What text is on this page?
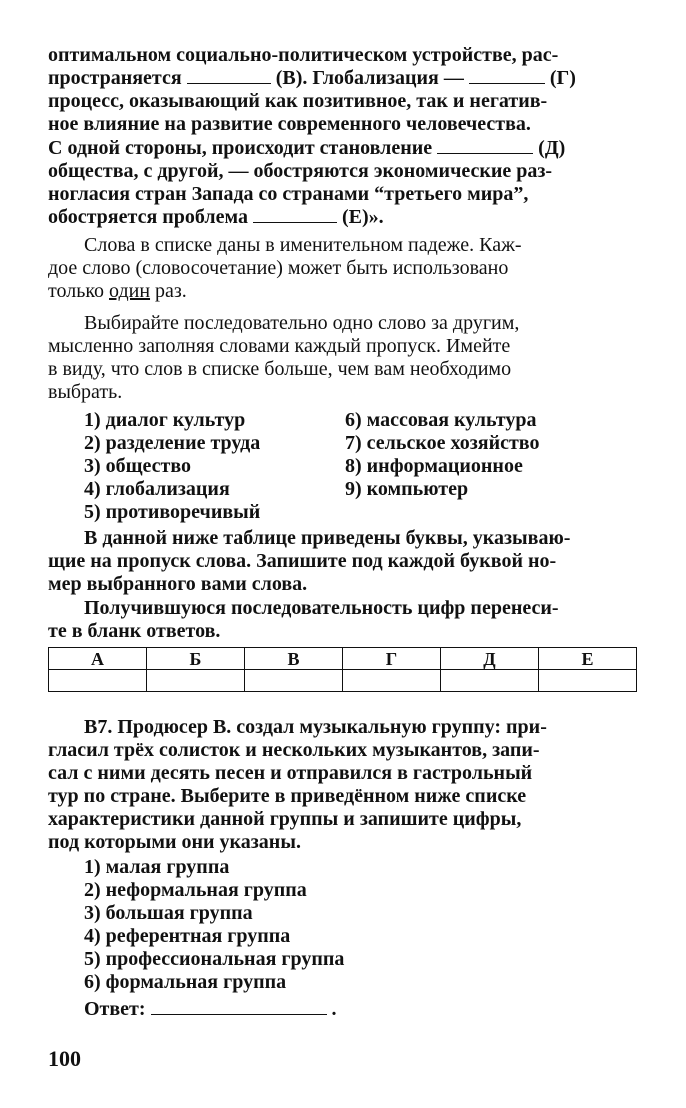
оптимальном социально-политическом устройстве, рас-
пространяется	(В). Глобализация —	(Г)
процесс, оказывающий как позитивное, так и негатив-
ное влияние на развитие современного человечества.
С одной стороны, происходит становление	(Д)
общества, с другой, — обостряются экономические раз-
ногласия стран Запада со странами “третьего мира”,
обостряется проблема	(Е)».
Слова в списке даны в именительном падеже. Каж-
дое слово (словосочетание) может быть использовано
только один раз.
Выбирайте последовательно одно слово за другим,
мысленно заполняя словами каждый пропуск. Имейте
в виду, что слов в списке больше, чем вам необходимо
выбрать.
1) диалог культур
2) разделение труда
3) общество
4) глобализация
5) противоречивый
6) массовая культура
7) сельское хозяйство
8) информационное
9) компьютер
В данной ниже таблице приведены буквы, указываю-
щие на пропуск слова. Запишите под каждой буквой но-
мер выбранного вами слова.
Получившуюся последовательность цифр перенеси-
те в бланк ответов.
А	Б	В	Г	Д	Е

В7. Продюсер В. создал музыкальную группу: при-
гласил трёх солисток и нескольких музыкантов, запи-
сал с ними десять песен и отправился в гастрольный
тур по стране. Выберите в приведённом ниже списке
характеристики данной группы и запишите цифры,
под которыми они указаны.
1) малая группа
2) неформальная группа
3) большая группа
4) референтная группа
5) профессиональная группа
6) формальная группа
Ответ:	.
100
